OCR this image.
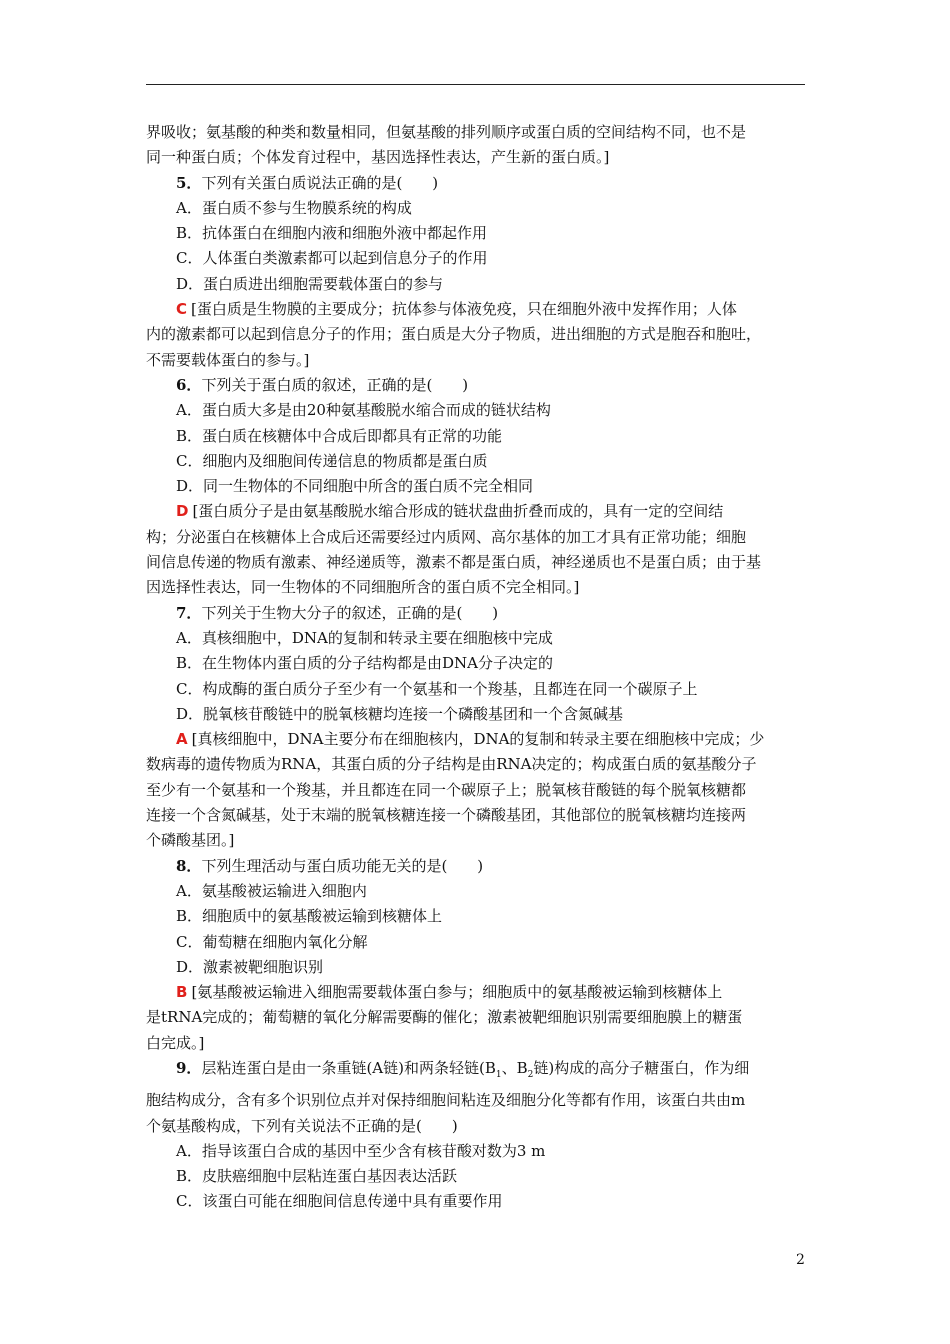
界吸收；氨基酸的种类和数量相同，但氨基酸的排列顺序或蛋白质的空间结构不同，也不是
同一种蛋白质；个体发育过程中，基因选择性表达，产生新的蛋白质。]
5．下列有关蛋白质说法正确的是(　　)
A．蛋白质不参与生物膜系统的构成
B．抗体蛋白在细胞内液和细胞外液中都起作用
C．人体蛋白类激素都可以起到信息分子的作用
D．蛋白质进出细胞需要载体蛋白的参与
C [蛋白质是生物膜的主要成分；抗体参与体液免疫，只在细胞外液中发挥作用；人体
内的激素都可以起到信息分子的作用；蛋白质是大分子物质，进出细胞的方式是胞吞和胞吐，
不需要载体蛋白的参与。]
6．下列关于蛋白质的叙述，正确的是(　　)
A．蛋白质大多是由20种氨基酸脱水缩合而成的链状结构
B．蛋白质在核糖体中合成后即都具有正常的功能
C．细胞内及细胞间传递信息的物质都是蛋白质
D．同一生物体的不同细胞中所含的蛋白质不完全相同
D [蛋白质分子是由氨基酸脱水缩合形成的链状盘曲折叠而成的，具有一定的空间结
构；分泌蛋白在核糖体上合成后还需要经过内质网、高尔基体的加工才具有正常功能；细胞
间信息传递的物质有激素、神经递质等，激素不都是蛋白质，神经递质也不是蛋白质；由于基
因选择性表达，同一生物体的不同细胞所含的蛋白质不完全相同。]
7．下列关于生物大分子的叙述，正确的是(　　)
A．真核细胞中，DNA的复制和转录主要在细胞核中完成
B．在生物体内蛋白质的分子结构都是由DNA分子决定的
C．构成酶的蛋白质分子至少有一个氨基和一个羧基，且都连在同一个碳原子上
D．脱氧核苷酸链中的脱氧核糖均连接一个磷酸基团和一个含氮碱基
A [真核细胞中，DNA主要分布在细胞核内，DNA的复制和转录主要在细胞核中完成；少
数病毒的遗传物质为RNA，其蛋白质的分子结构是由RNA决定的；构成蛋白质的氨基酸分子
至少有一个氨基和一个羧基，并且都连在同一个碳原子上；脱氧核苷酸链的每个脱氧核糖都
连接一个含氮碱基，处于末端的脱氧核糖连接一个磷酸基团，其他部位的脱氧核糖均连接两
个磷酸基团。]
8．下列生理活动与蛋白质功能无关的是(　　)
A．氨基酸被运输进入细胞内
B．细胞质中的氨基酸被运输到核糖体上
C．葡萄糖在细胞内氧化分解
D．激素被靶细胞识别
B [氨基酸被运输进入细胞需要载体蛋白参与；细胞质中的氨基酸被运输到核糖体上
是tRNA完成的；葡萄糖的氧化分解需要酶的催化；激素被靶细胞识别需要细胞膜上的糖蛋
白完成。]
9．层粘连蛋白是由一条重链(A链)和两条轻链($B_1$、$B_2$链)构成的高分子糖蛋白，作为细
胞结构成分，含有多个识别位点并对保持细胞间粘连及细胞分化等都有作用，该蛋白共由m
个氨基酸构成，下列有关说法不正确的是(　　)
A．指导该蛋白合成的基因中至少含有核苷酸对数为3 m
B．皮肤癌细胞中层粘连蛋白基因表达活跃
C．该蛋白可能在细胞间信息传递中具有重要作用
2
